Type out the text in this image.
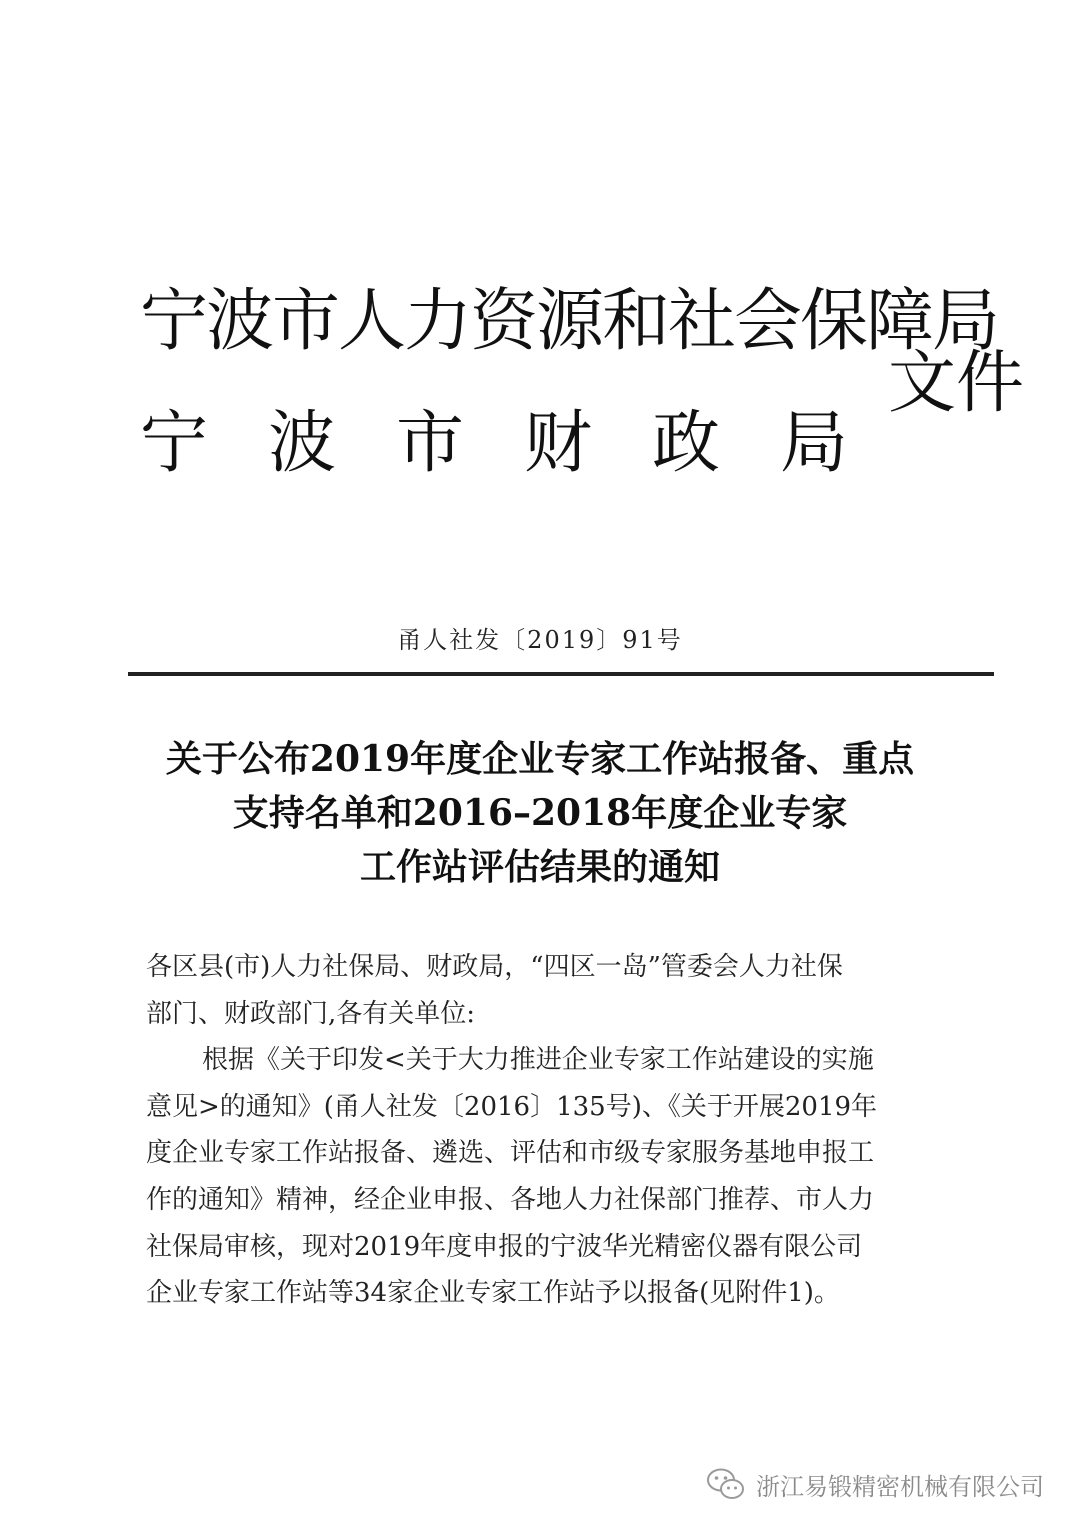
宁波市人力资源和社会保障局
宁波市财政局
文件
甬人社发〔2019〕91号
关于公布2019年度企业专家工作站报备、重点
支持名单和2016–2018年度企业专家
工作站评估结果的通知
各区县(市)人力社保局、财政局，“四区一岛”管委会人力社保
部门、财政部门,各有关单位:
根据《关于印发<关于大力推进企业专家工作站建设的实施
意见>的通知》(甬人社发〔2016〕135号)、《关于开展2019年
度企业专家工作站报备、遴选、评估和市级专家服务基地申报工
作的通知》精神，经企业申报、各地人力社保部门推荐、市人力
社保局审核，现对2019年度申报的宁波华光精密仪器有限公司
企业专家工作站等34家企业专家工作站予以报备(见附件1)。
浙江易锻精密机械有限公司
